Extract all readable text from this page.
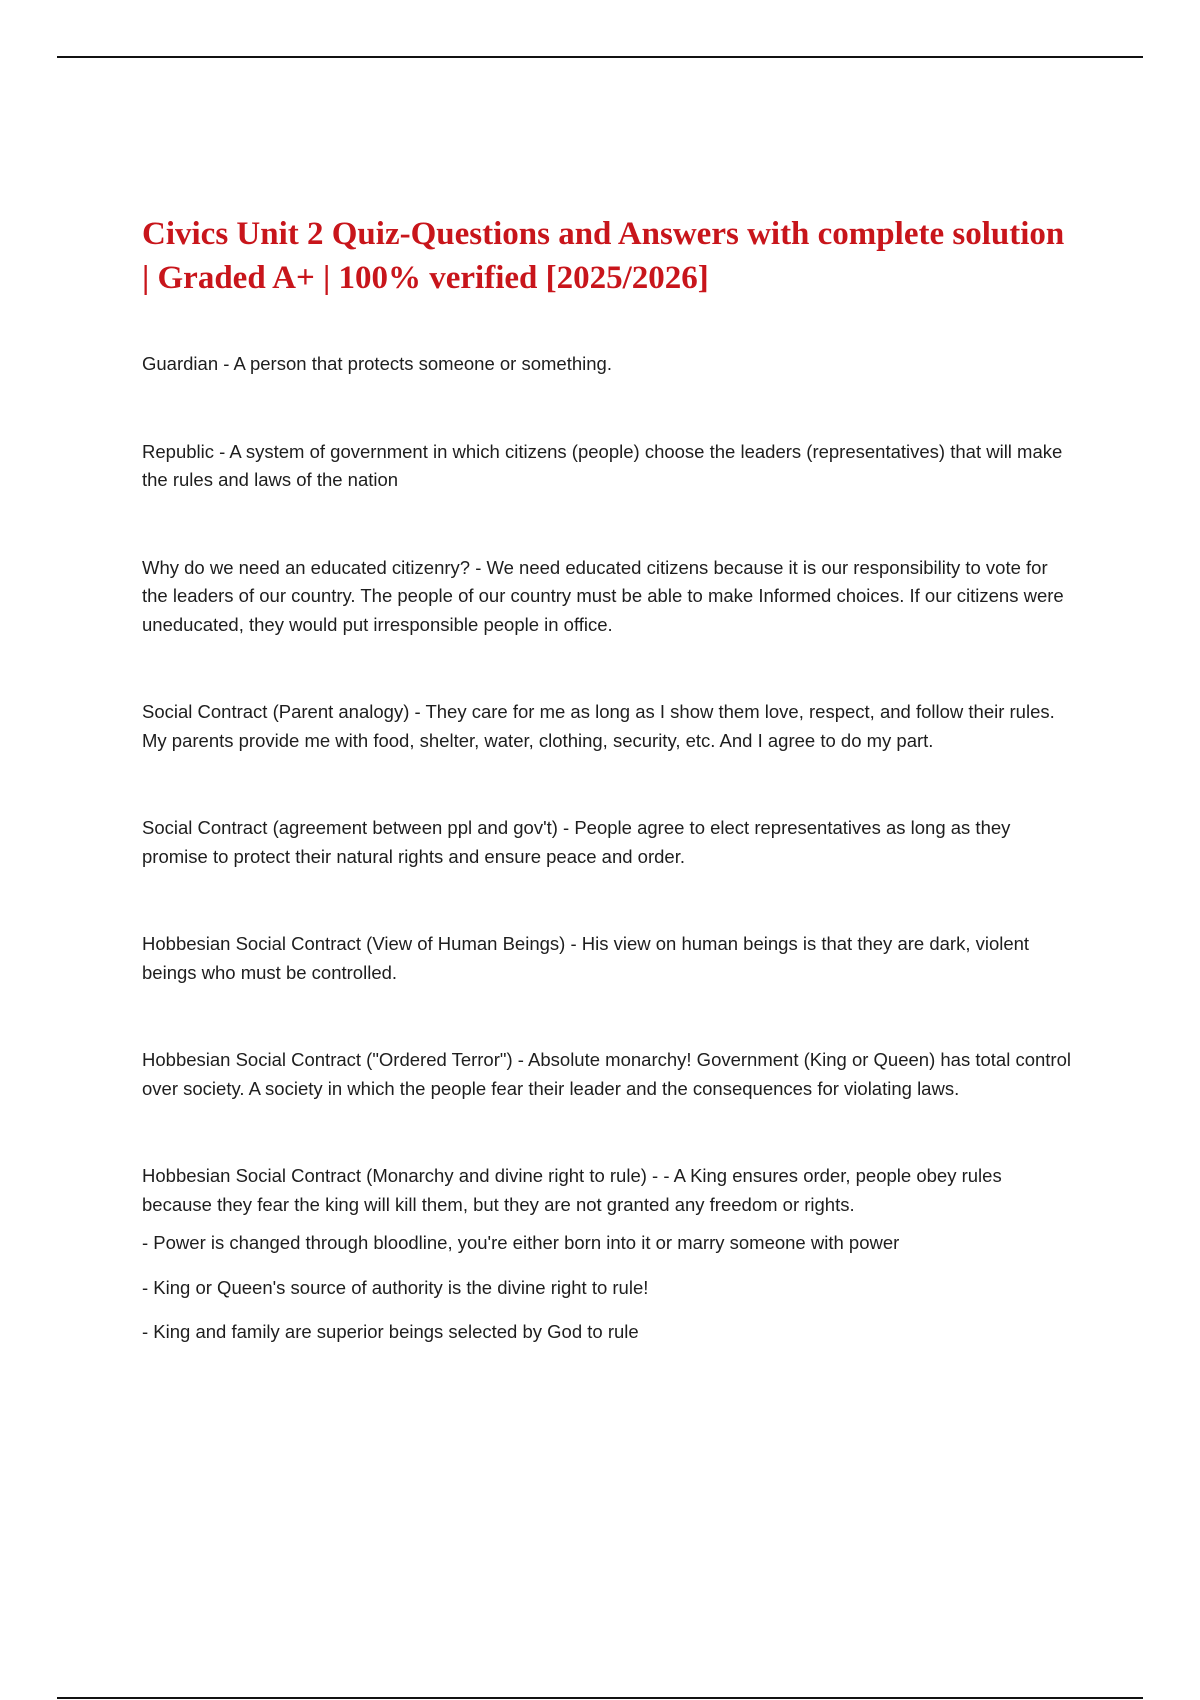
Civics Unit 2 Quiz-Questions and Answers with complete solution | Graded A+ | 100% verified [2025/2026]

Guardian - A person that protects someone or something.

Republic - A system of government in which citizens (people) choose the leaders (representatives) that will make the rules and laws of the nation

Why do we need an educated citizenry? - We need educated citizens because it is our responsibility to vote for the leaders of our country. The people of our country must be able to make Informed choices. If our citizens were uneducated, they would put irresponsible people in office.

Social Contract (Parent analogy) - They care for me as long as I show them love, respect, and follow their rules. My parents provide me with food, shelter, water, clothing, security, etc. And I agree to do my part.

Social Contract (agreement between ppl and gov't) - People agree to elect representatives as long as they promise to protect their natural rights and ensure peace and order.

Hobbesian Social Contract (View of Human Beings) - His view on human beings is that they are dark, violent beings who must be controlled.

Hobbesian Social Contract ("Ordered Terror") - Absolute monarchy! Government (King or Queen) has total control over society. A society in which the people fear their leader and the consequences for violating laws.

Hobbesian Social Contract (Monarchy and divine right to rule) - - A King ensures order, people obey rules because they fear the king will kill them, but they are not granted any freedom or rights.

- Power is changed through bloodline, you're either born into it or marry someone with power

- King or Queen's source of authority is the divine right to rule!

- King and family are superior beings selected by God to rule
